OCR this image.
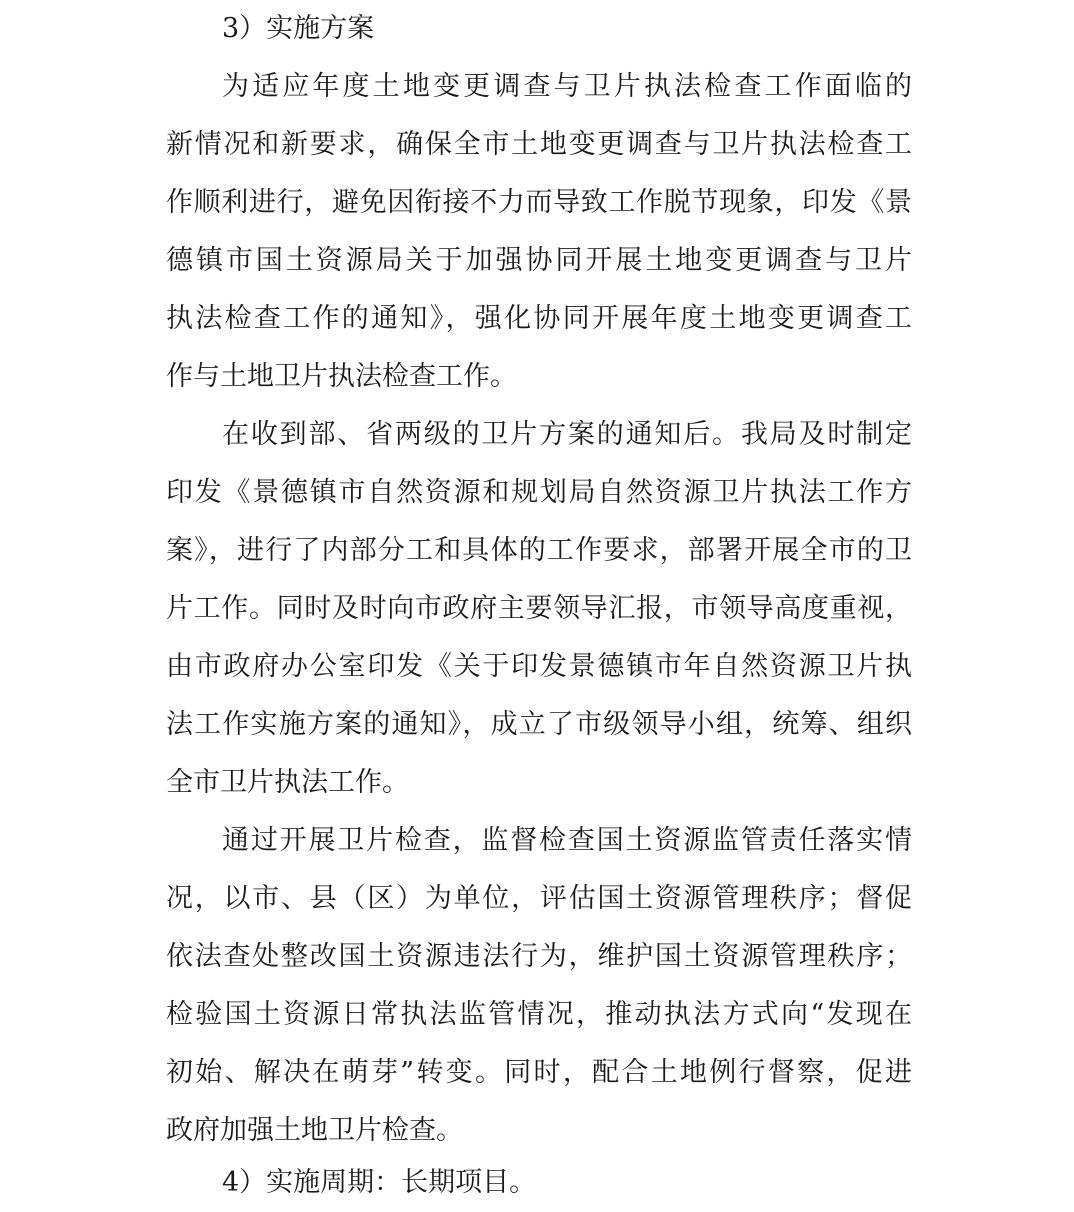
3）实施方案
为适应年度土地变更调查与卫片执法检查工作面临的
新情况和新要求，确保全市土地变更调查与卫片执法检查工
作顺利进行，避免因衔接不力而导致工作脱节现象，印发《景
德镇市国土资源局关于加强协同开展土地变更调查与卫片
执法检查工作的通知》，强化协同开展年度土地变更调查工
作与土地卫片执法检查工作。
在收到部、省两级的卫片方案的通知后。我局及时制定
印发《景德镇市自然资源和规划局自然资源卫片执法工作方
案》，进行了内部分工和具体的工作要求，部署开展全市的卫
片工作。同时及时向市政府主要领导汇报，市领导高度重视，
由市政府办公室印发《关于印发景德镇市年自然资源卫片执
法工作实施方案的通知》，成立了市级领导小组，统筹、组织
全市卫片执法工作。
通过开展卫片检查，监督检查国土资源监管责任落实情
况，以市、县（区）为单位，评估国土资源管理秩序；督促
依法查处整改国土资源违法行为，维护国土资源管理秩序；
检验国土资源日常执法监管情况，推动执法方式向“发现在
初始、解决在萌芽”转变。同时，配合土地例行督察，促进
政府加强土地卫片检查。
4）实施周期：长期项目。
